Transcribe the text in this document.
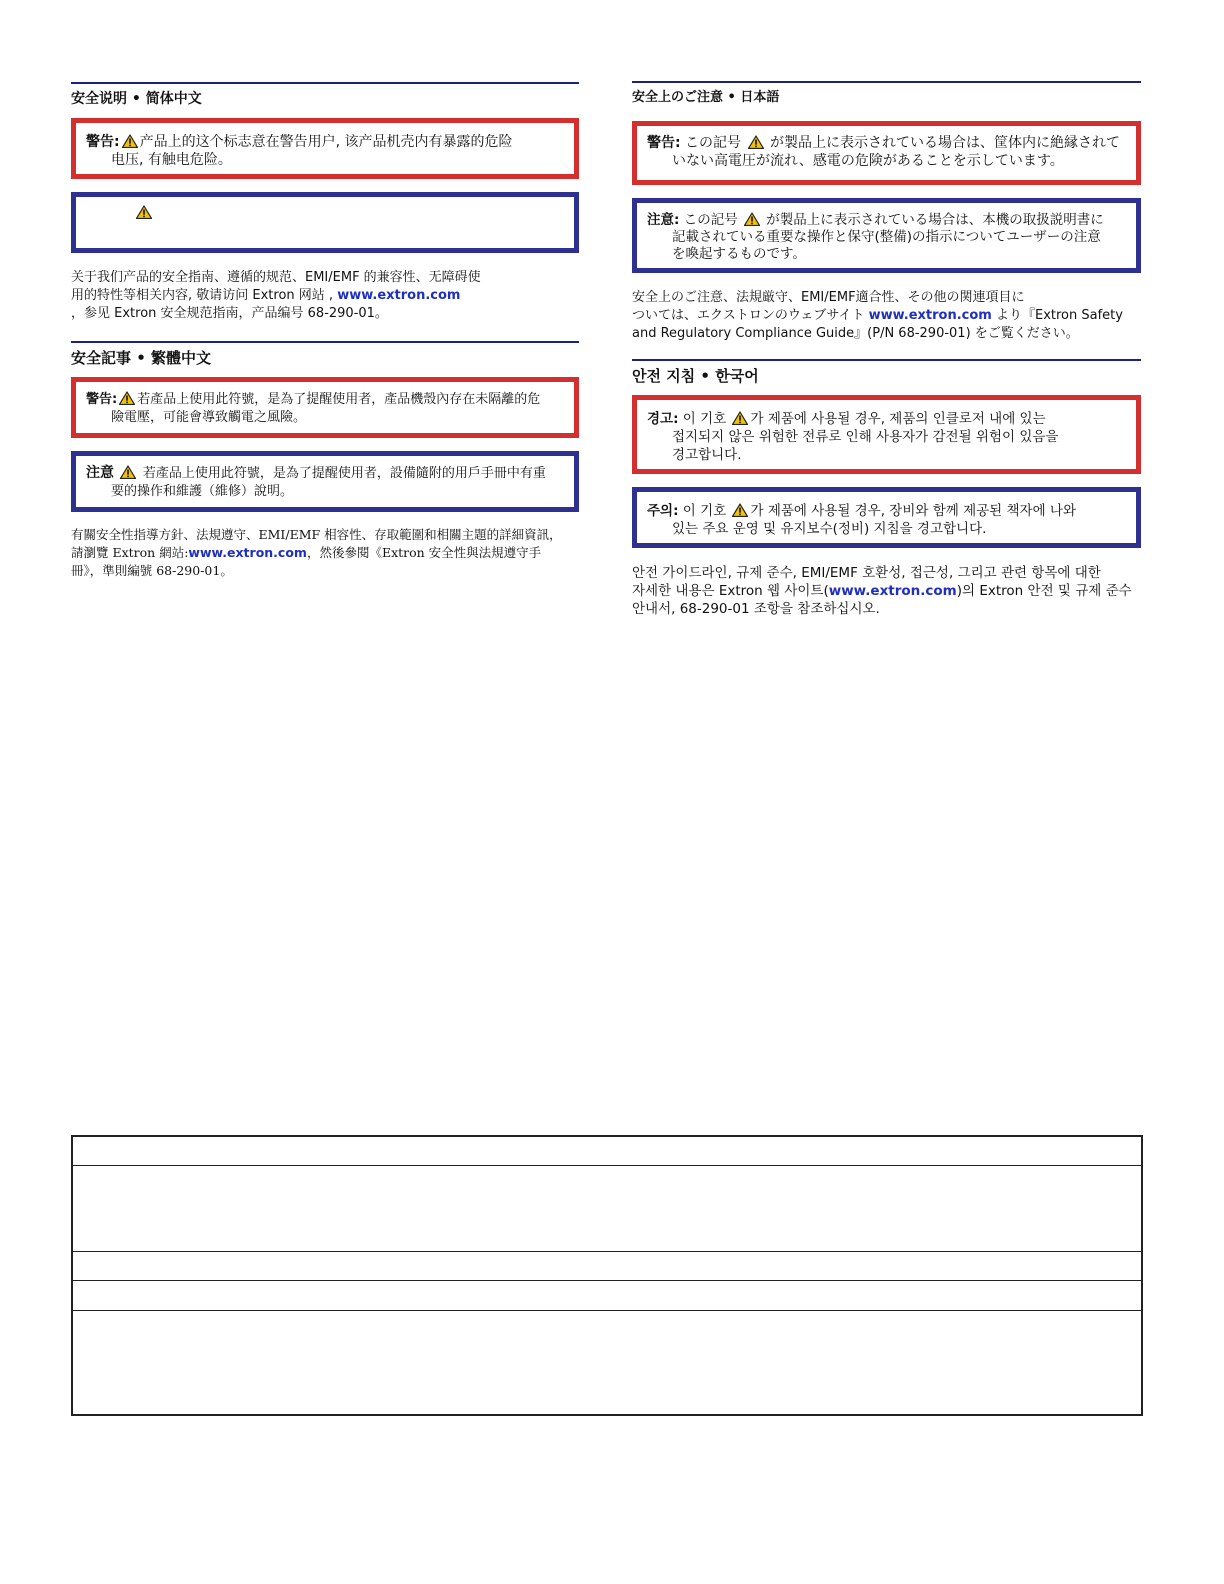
安全说明 • 简体中文
警告: 产品上的这个标志意在警告用户, 该产品机壳内有暴露的危险
电压, 有触电危险。
关于我们产品的安全指南、遵循的规范、EMI/EMF 的兼容性、无障碍使
用的特性等相关内容, 敬请访问 Extron 网站 , www.extron.com
，参见 Extron 安全规范指南，产品编号 68-290-01。
安全記事 • 繁體中文
警告: 若產品上使用此符號，是為了提醒使用者，產品機殼內存在未隔離的危
險電壓，可能會導致觸電之風險。
注意 若產品上使用此符號，是為了提醒使用者，設備隨附的用戶手冊中有重
要的操作和維護（維修）說明。
有關安全性指導方針、法規遵守、EMI/EMF 相容性、存取範圍和相關主題的詳細資訊，
請瀏覽 Extron 網站:www.extron.com，然後參閱《Extron 安全性與法規遵守手
冊》，準則編號 68-290-01。
安全上のご注意 • 日本語
警告: この記号  が製品上に表示されている場合は、筐体内に絶縁されて
いない高電圧が流れ、感電の危険があることを示しています。
注意: この記号  が製品上に表示されている場合は、本機の取扱説明書に
記載されている重要な操作と保守(整備)の指示についてユーザーの注意
を喚起するものです。
安全上のご注意、法規厳守、EMI/EMF適合性、その他の関連項目に
ついては、エクストロンのウェブサイト www.extron.com より『Extron Safety
and Regulatory Compliance Guide』(P/N 68-290-01) をご覧ください。
안전 지침 • 한국어
경고: 이 기호 가 제품에 사용될 경우, 제품의 인클로저 내에 있는
접지되지 않은 위험한 전류로 인해 사용자가 감전될 위험이 있음을
경고합니다.
주의: 이 기호 가 제품에 사용될 경우, 장비와 함께 제공된 책자에 나와
있는 주요 운영 및 유지보수(정비) 지침을 경고합니다.
안전 가이드라인, 규제 준수, EMI/EMF 호환성, 접근성, 그리고 관련 항목에 대한
자세한 내용은 Extron 웹 사이트(www.extron.com)의 Extron 안전 및 규제 준수
안내서, 68-290-01 조항을 참조하십시오.
